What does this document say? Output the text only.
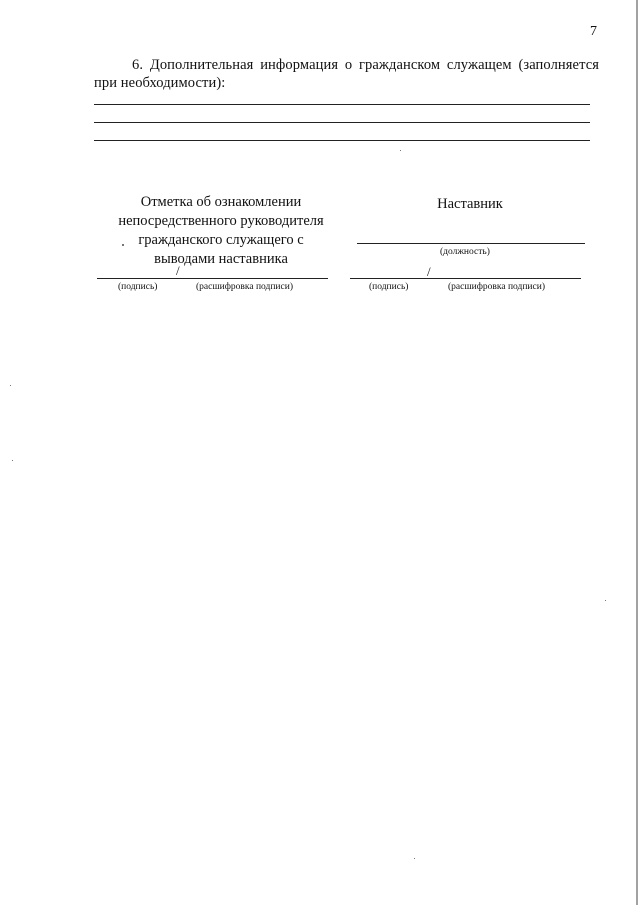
7
6. Дополнительная информация о гражданском служащем (заполняется при необходимости):
Отметка об ознакомлении
непосредственного руководителя
гражданского служащего с
выводами наставника
/
(подпись)	(расшифровка подписи)
Наставник
(должность)
/
(подпись)	(расшифровка подписи)
